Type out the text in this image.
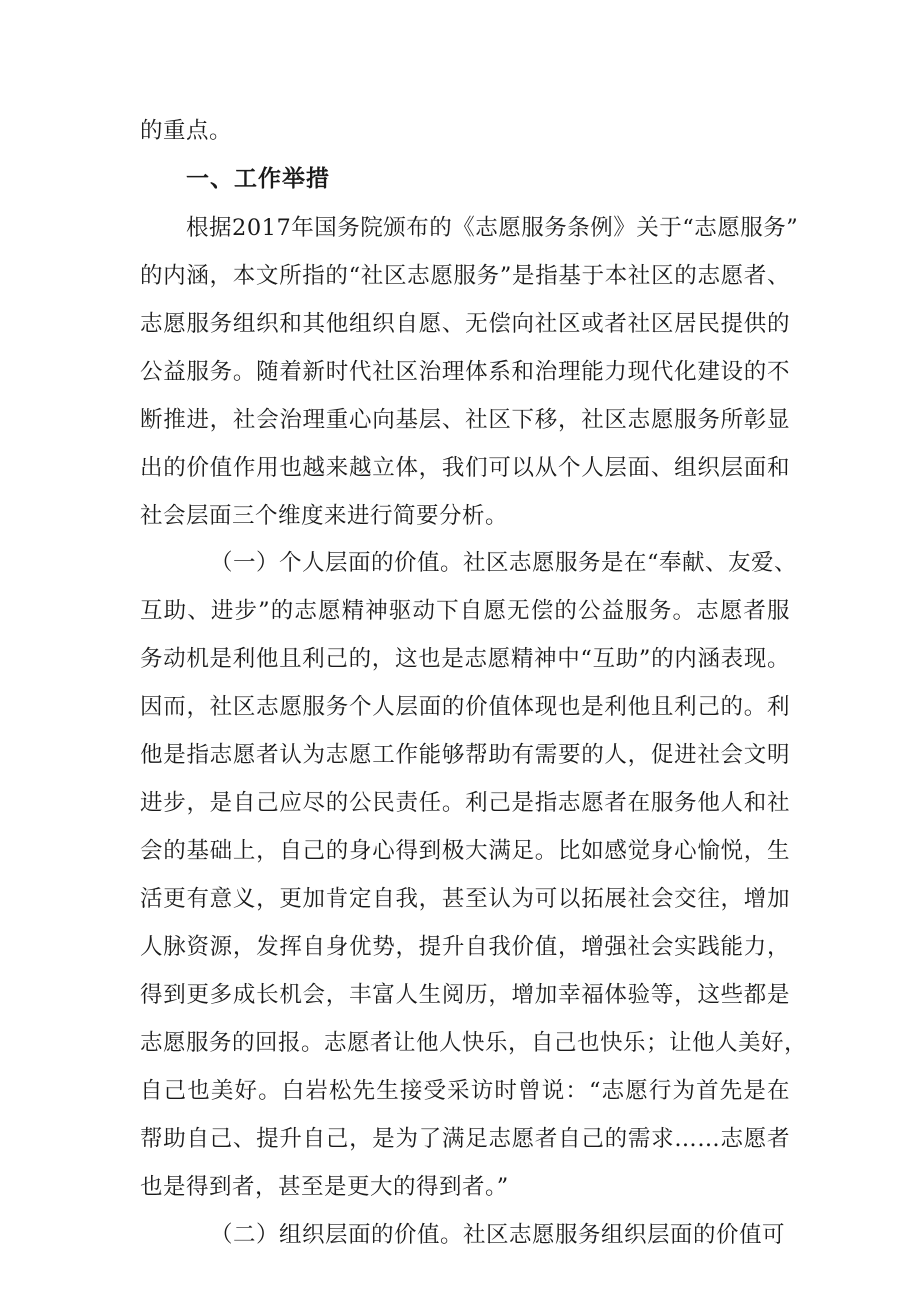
的重点。
一、工作举措
根据2017年国务院颁布的《志愿服务条例》关于“志愿服务”
的内涵，本文所指的“社区志愿服务”是指基于本社区的志愿者、
志愿服务组织和其他组织自愿、无偿向社区或者社区居民提供的
公益服务。随着新时代社区治理体系和治理能力现代化建设的不
断推进，社会治理重心向基层、社区下移，社区志愿服务所彰显
出的价值作用也越来越立体，我们可以从个人层面、组织层面和
社会层面三个维度来进行简要分析。
（一）个人层面的价值。社区志愿服务是在“奉献、友爱、
互助、进步”的志愿精神驱动下自愿无偿的公益服务。志愿者服
务动机是利他且利己的，这也是志愿精神中“互助”的内涵表现。
因而，社区志愿服务个人层面的价值体现也是利他且利己的。利
他是指志愿者认为志愿工作能够帮助有需要的人，促进社会文明
进步，是自己应尽的公民责任。利己是指志愿者在服务他人和社
会的基础上，自己的身心得到极大满足。比如感觉身心愉悦，生
活更有意义，更加肯定自我，甚至认为可以拓展社会交往，增加
人脉资源，发挥自身优势，提升自我价值，增强社会实践能力，
得到更多成长机会，丰富人生阅历，增加幸福体验等，这些都是
志愿服务的回报。志愿者让他人快乐，自己也快乐；让他人美好，
自己也美好。白岩松先生接受采访时曾说：“志愿行为首先是在
帮助自己、提升自己，是为了满足志愿者自己的需求……志愿者
也是得到者，甚至是更大的得到者。”
（二）组织层面的价值。社区志愿服务组织层面的价值可
